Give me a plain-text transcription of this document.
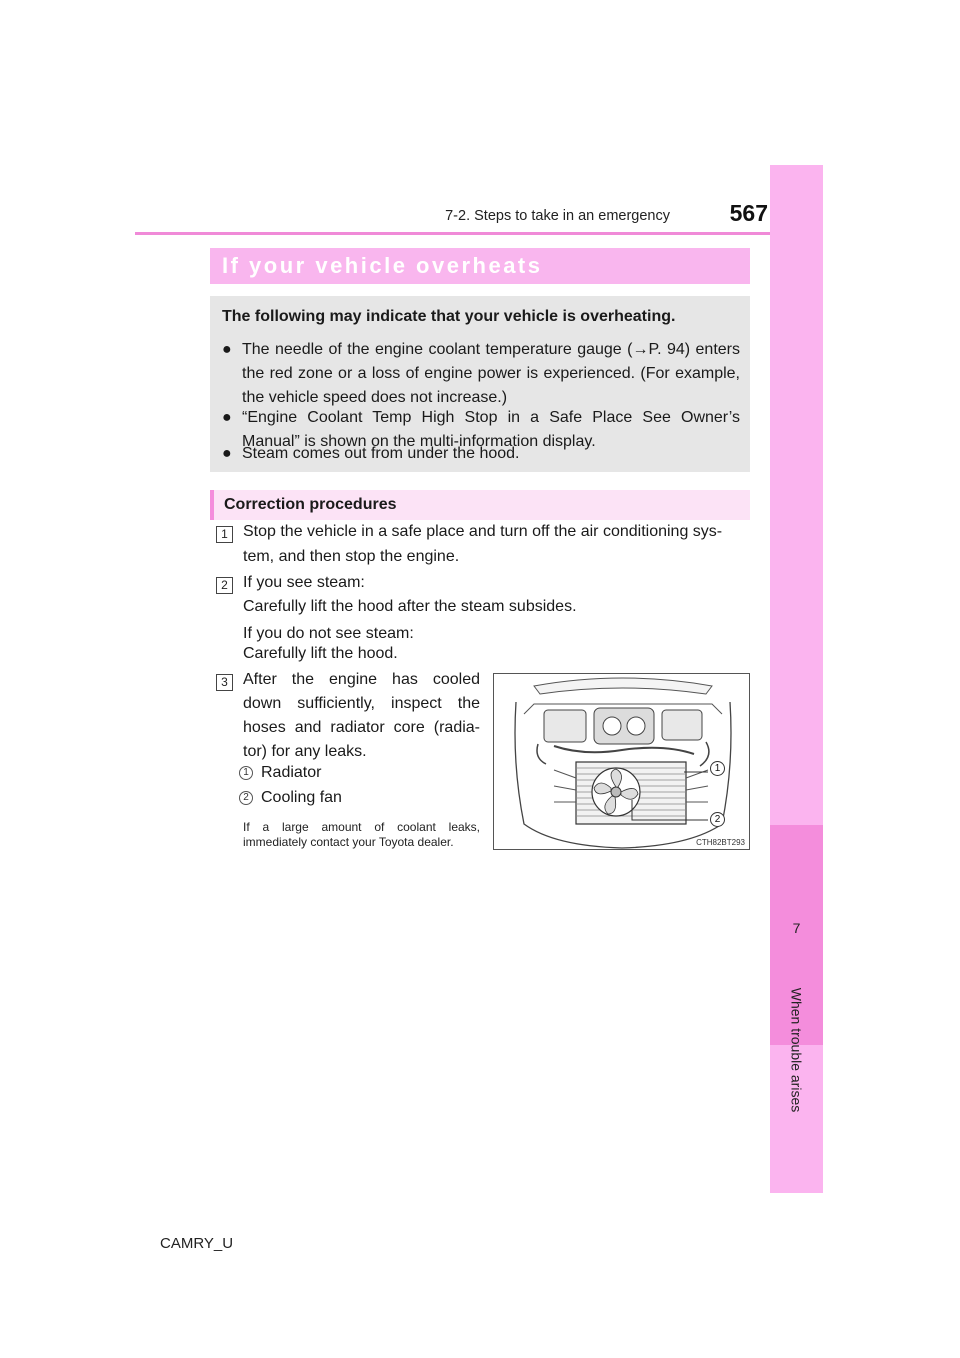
7-2. Steps to take in an emergency	567
7
When trouble arises
If your vehicle overheats
The following may indicate that your vehicle is overheating.
● The needle of the engine coolant temperature gauge (→P. 94) enters the red zone or a loss of engine power is experienced. (For example, the vehicle speed does not increase.)
● “Engine Coolant Temp High Stop in a Safe Place See Owner’s Manual” is shown on the multi-information display.
● Steam comes out from under the hood.
Correction procedures
1 Stop the vehicle in a safe place and turn off the air conditioning sys-
tem, and then stop the engine.
2 If you see steam:
Carefully lift the hood after the steam subsides.
If you do not see steam:
Carefully lift the hood.
3 After the engine has cooled down sufficiently, inspect the hoses and radiator core (radia-tor) for any leaks.
1 Radiator
2 Cooling fan
If a large amount of coolant leaks, immediately contact your Toyota dealer.
1
2
CTH82BT293
CAMRY_U
